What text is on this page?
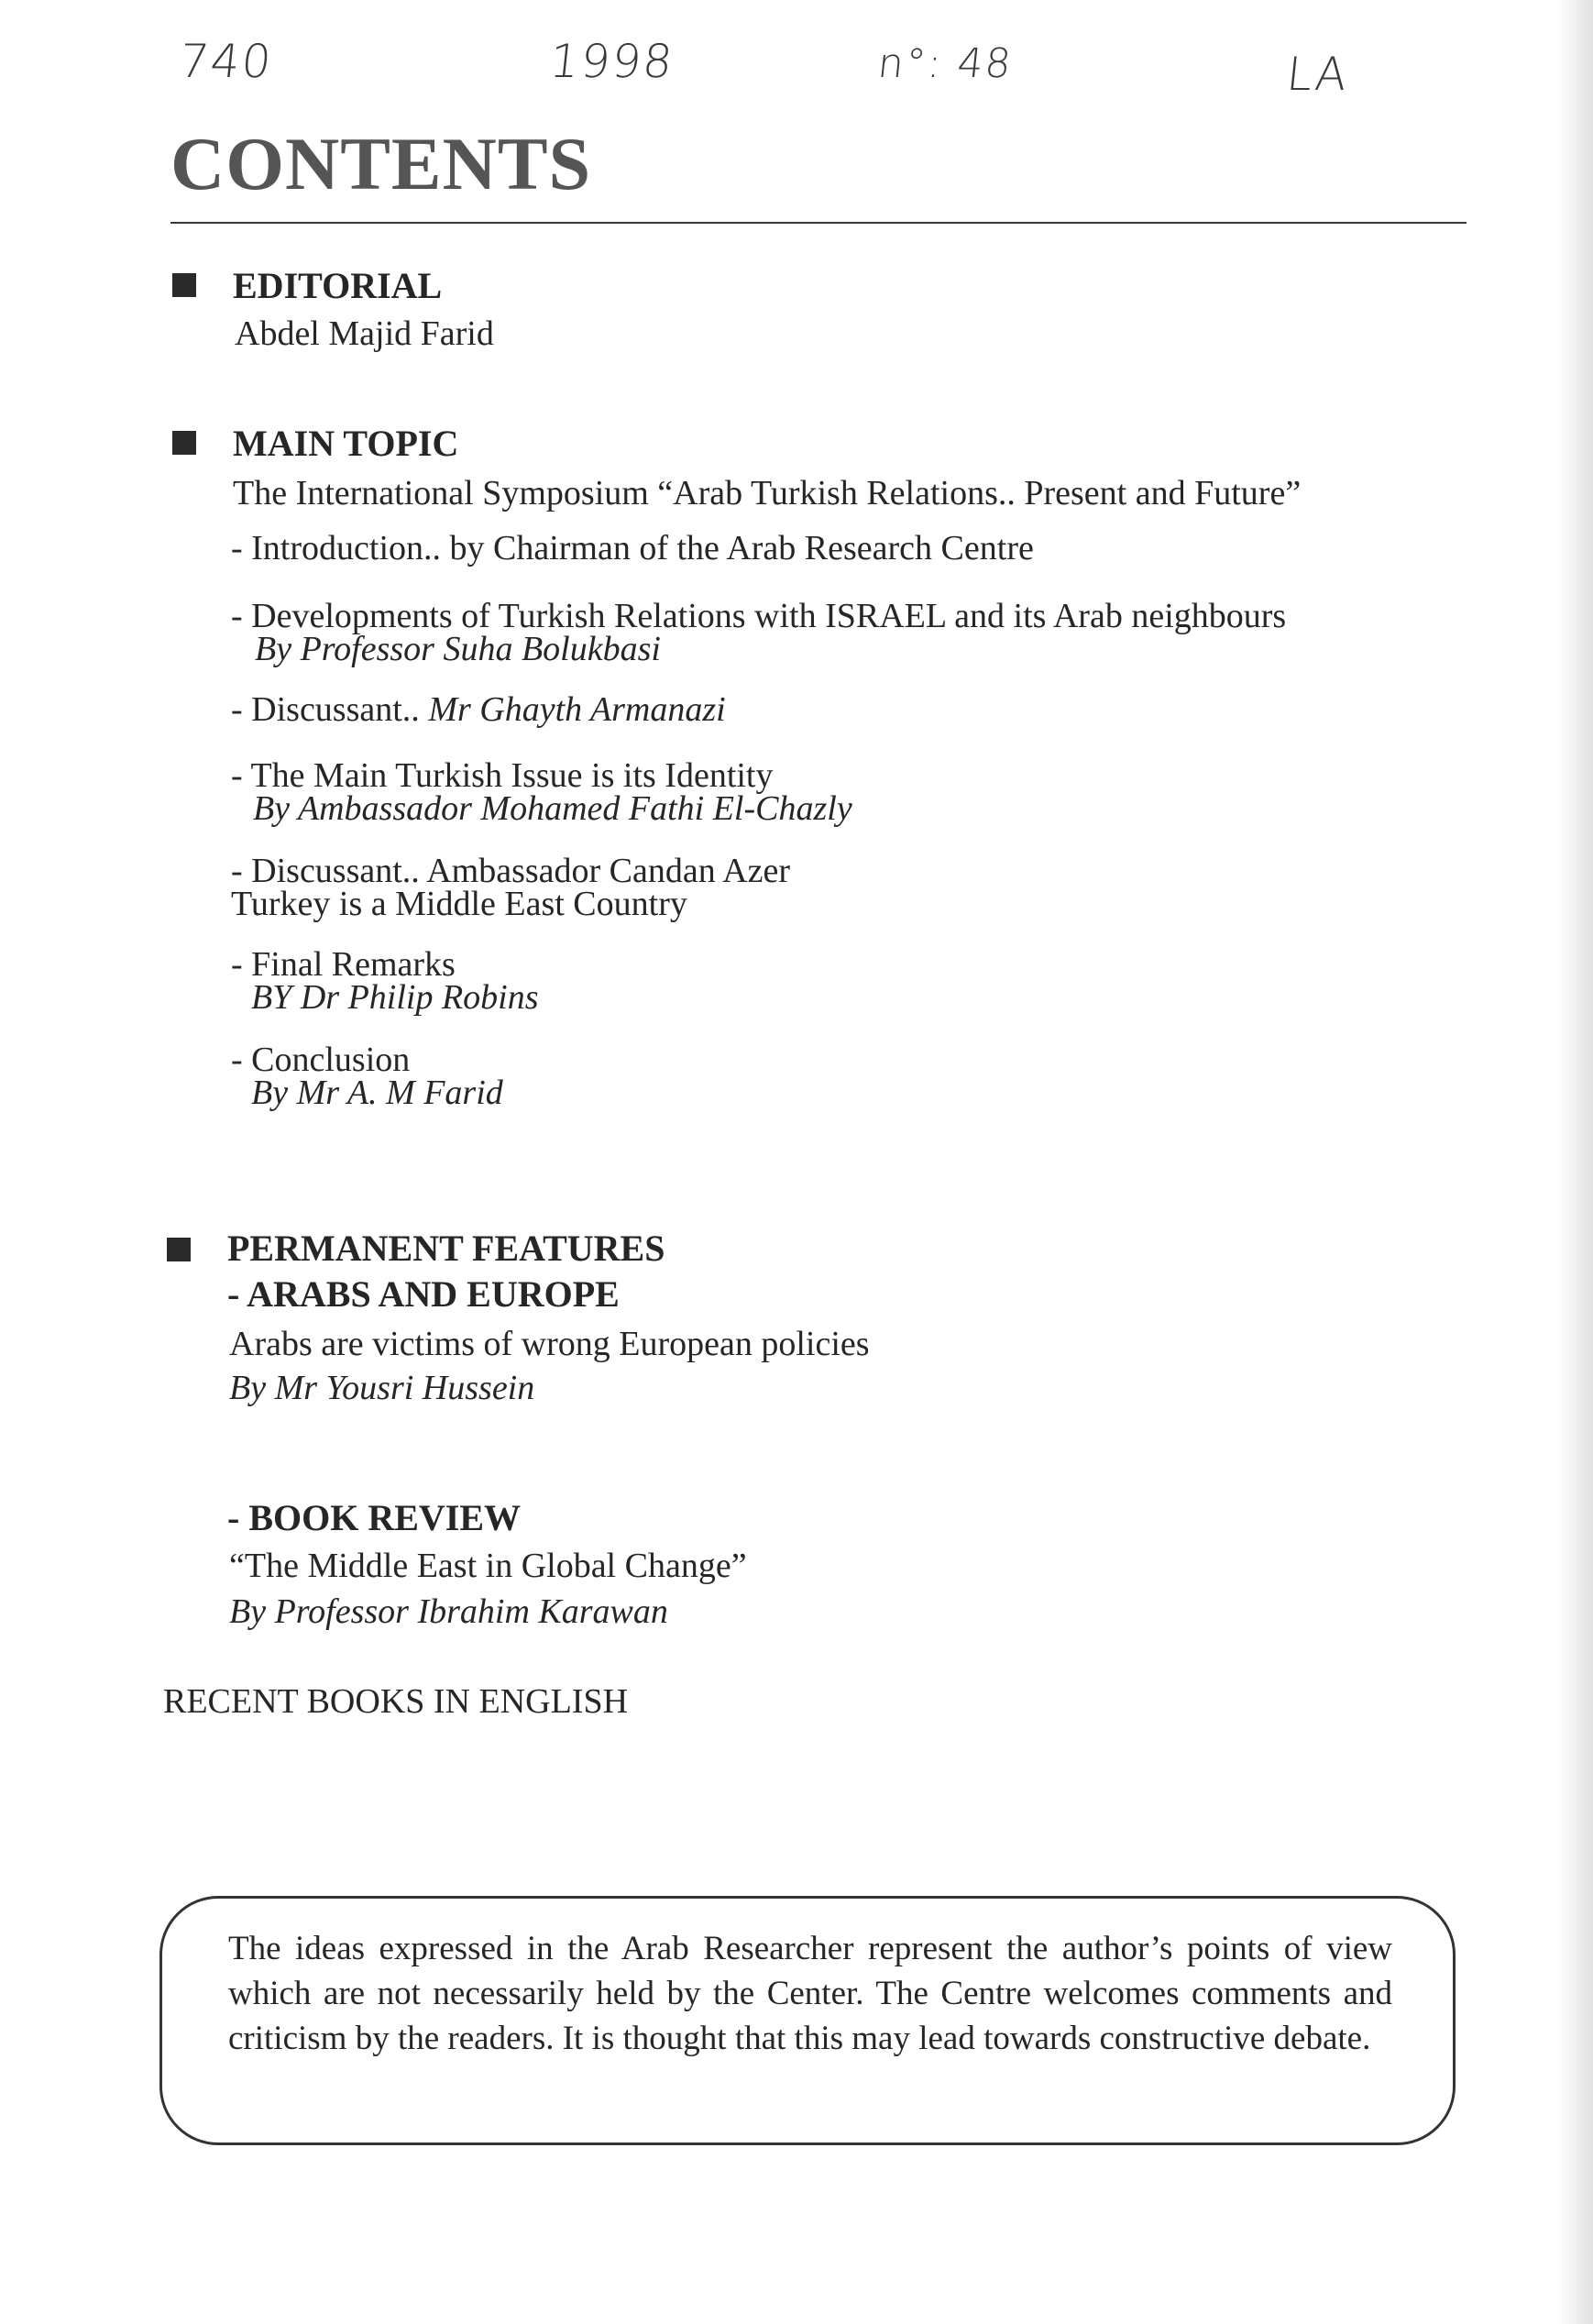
740	1998	n°: 48	LA
CONTENTS
EDITORIAL
Abdel Majid Farid
MAIN TOPIC
The International Symposium “Arab Turkish Relations.. Present and Future”
- Introduction.. by Chairman of the Arab Research Centre
- Developments of Turkish Relations with ISRAEL and its Arab neighbours
By Professor Suha Bolukbasi
- Discussant.. Mr Ghayth Armanazi
- The Main Turkish Issue is its Identity
By Ambassador Mohamed Fathi El-Chazly
- Discussant.. Ambassador Candan Azer
Turkey is a Middle East Country
- Final Remarks
BY Dr Philip Robins
- Conclusion
By Mr A. M Farid
PERMANENT FEATURES
- ARABS AND EUROPE
Arabs are victims of wrong European policies
By Mr Yousri Hussein
- BOOK REVIEW
“The Middle East in Global Change”
By Professor Ibrahim Karawan
RECENT BOOKS IN ENGLISH

The ideas expressed in the Arab Researcher represent the author’s points of view which are not necessarily held by the Center. The Centre welcomes comments and criticism by the readers. It is thought that this may lead towards constructive debate.
